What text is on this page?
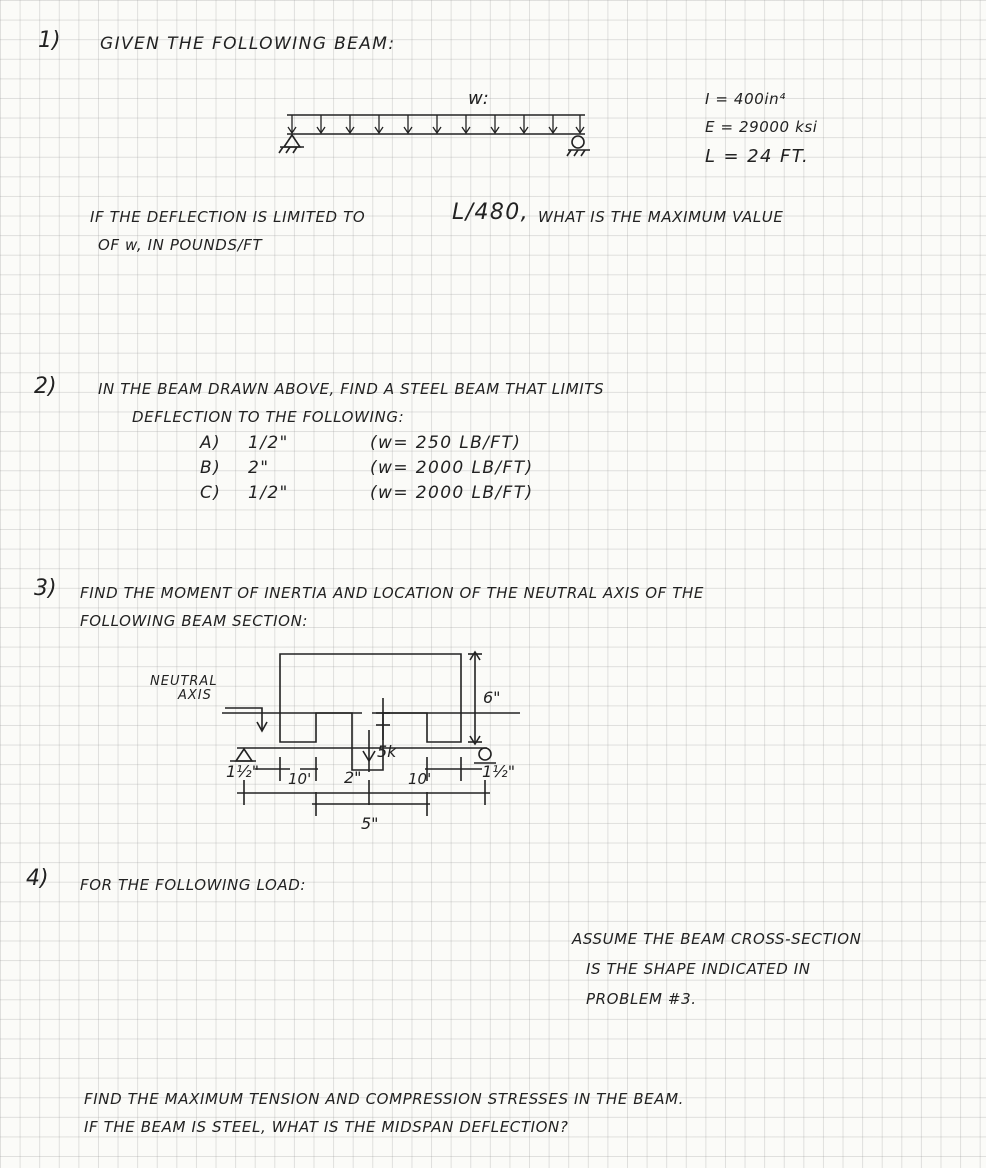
1) GIVEN THE FOLLOWING BEAM:
w:
6"
1½"	1½"
2"
5"
NEUTRAL
AXIS
5k
10'	10'
I = 400in⁴
E = 29000 ksi
L = 24 FT.
IF THE DEFLECTION IS LIMITED TO	L/480, WHAT IS THE MAXIMUM VALUE
OF w, IN POUNDS/FT
2)	IN THE BEAM DRAWN ABOVE, FIND A STEEL BEAM THAT LIMITS
DEFLECTION TO THE FOLLOWING:
A) 1/2"	(w= 250 LB/FT)
B) 2"	(w= 2000 LB/FT)
C) 1/2"	(w= 2000 LB/FT)
3) FIND THE MOMENT OF INERTIA AND LOCATION OF THE NEUTRAL AXIS OF THE
FOLLOWING BEAM SECTION:
4) FOR THE FOLLOWING LOAD:
ASSUME THE BEAM CROSS-SECTION
IS THE SHAPE INDICATED IN
PROBLEM #3.
FIND THE MAXIMUM TENSION AND COMPRESSION STRESSES IN THE BEAM.
IF THE BEAM IS STEEL, WHAT IS THE MIDSPAN DEFLECTION?
